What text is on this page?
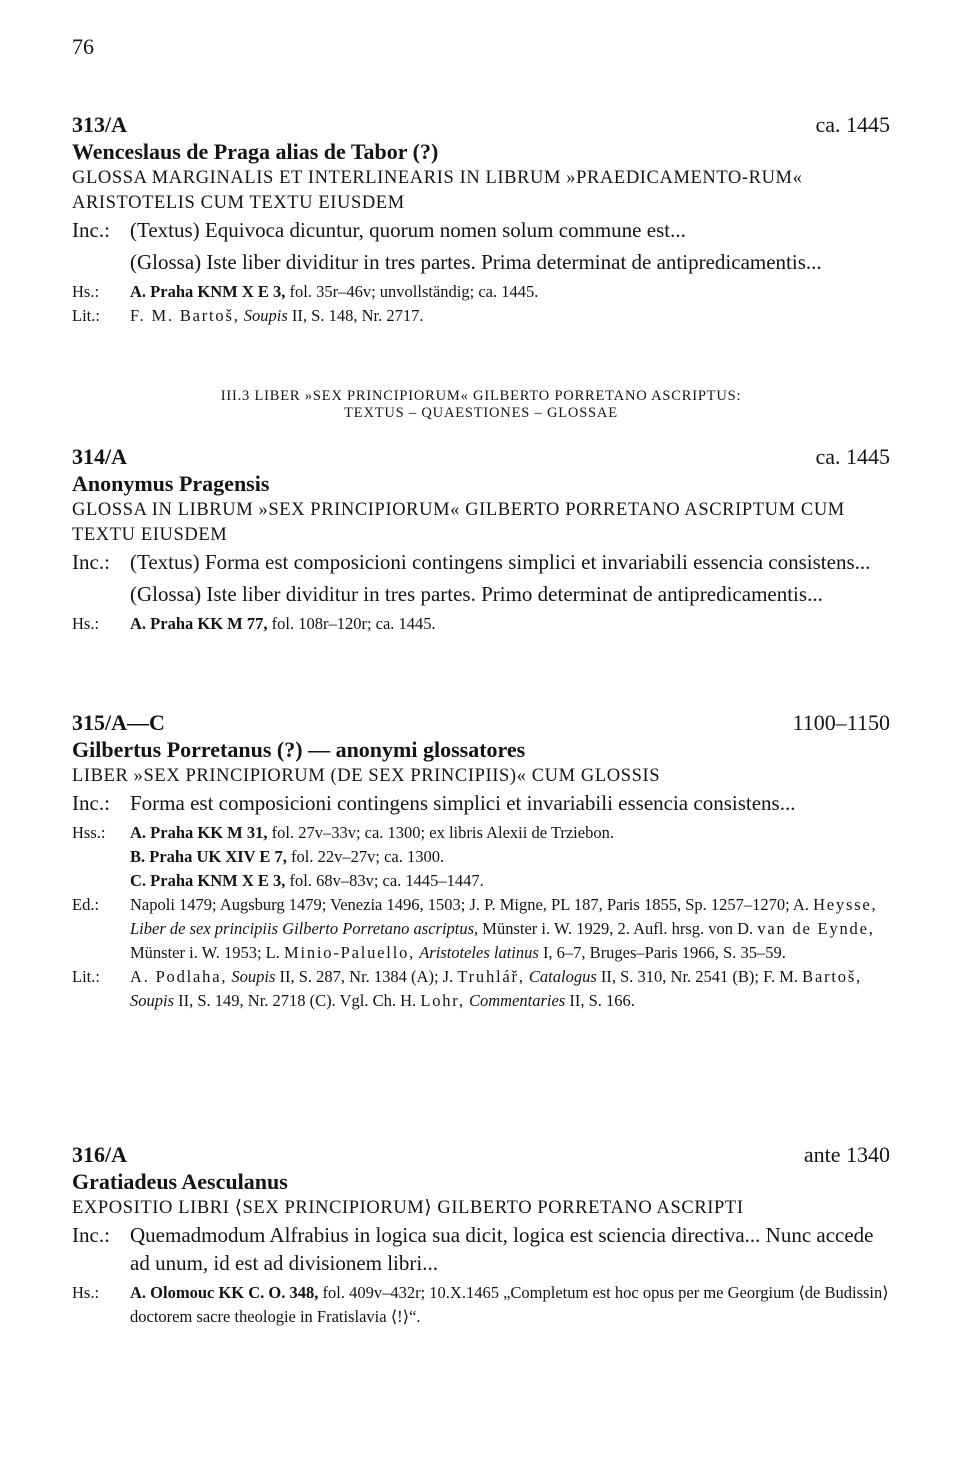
76
313/A	ca. 1445
Wenceslaus de Praga alias de Tabor (?)
GLOSSA MARGINALIS ET INTERLINEARIS IN LIBRUM »PRAEDICAMENTO-RUM« ARISTOTELIS CUM TEXTU EIUSDEM
Inc.: (Textus) Equivoca dicuntur, quorum nomen solum commune est...

(Glossa) Iste liber dividitur in tres partes. Prima determinat de antipredicamentis...

Hs.:	A. Praha KNM X E 3, fol. 35r–46v; unvollständig; ca. 1445.

Lit.:	F. M. Bartoš, Soupis II, S. 148, Nr. 2717.

III.3 LIBER »SEX PRINCIPIORUM« GILBERTO PORRETANO ASCRIPTUS:
TEXTUS – QUAESTIONES – GLOSSAE
314/A	ca. 1445
Anonymus Pragensis
GLOSSA IN LIBRUM »SEX PRINCIPIORUM« GILBERTO PORRETANO ASCRIPTUM CUM TEXTU EIUSDEM
Inc.: (Textus) Forma est composicioni contingens simplici et invariabili essencia consistens...

(Glossa) Iste liber dividitur in tres partes. Primo determinat de antipredicamentis...

Hs.:	A. Praha KK M 77, fol. 108r–120r; ca. 1445.

315/A—C	1100–1150
Gilbertus Porretanus (?) — anonymi glossatores
LIBER »SEX PRINCIPIORUM (DE SEX PRINCIPIIS)« CUM GLOSSIS
Inc.: Forma est composicioni contingens simplici et invariabili essencia consistens...

Hss.:	A. Praha KK M 31, fol. 27v–33v; ca. 1300; ex libris Alexii de Trziebon.

B. Praha UK XIV E 7, fol. 22v–27v; ca. 1300.

C. Praha KNM X E 3, fol. 68v–83v; ca. 1445–1447.

Ed.:	Napoli 1479; Augsburg 1479; Venezia 1496, 1503; J. P. Migne, PL 187, Paris 1855, Sp. 1257–1270; A. Heysse, Liber de sex principiis Gilberto Porretano ascriptus, Münster i. W. 1929, 2. Aufl. hrsg. von D. van de Eynde, Münster i. W. 1953; L. Minio-Paluello, Aristoteles latinus I, 6–7, Bruges–Paris 1966, S. 35–59.

Lit.:	A. Podlaha, Soupis II, S. 287, Nr. 1384 (A); J. Truhlář, Catalogus II, S. 310, Nr. 2541 (B); F. M. Bartoš, Soupis II, S. 149, Nr. 2718 (C). Vgl. Ch. H. Lohr, Commentaries II, S. 166.

316/A	ante 1340
Gratiadeus Aesculanus
EXPOSITIO LIBRI ⟨SEX PRINCIPIORUM⟩ GILBERTO PORRETANO ASCRIPTI
Inc.: Quemadmodum Alfrabius in logica sua dicit, logica est sciencia directiva... Nunc accede ad unum, id est ad divisionem libri...

Hs.:	A. Olomouc KK C. O. 348, fol. 409v–432r; 10.X.1465 „Completum est hoc opus per me Georgium ⟨de Budissin⟩ doctorem sacre theologie in Fratislavia ⟨!⟩“.
